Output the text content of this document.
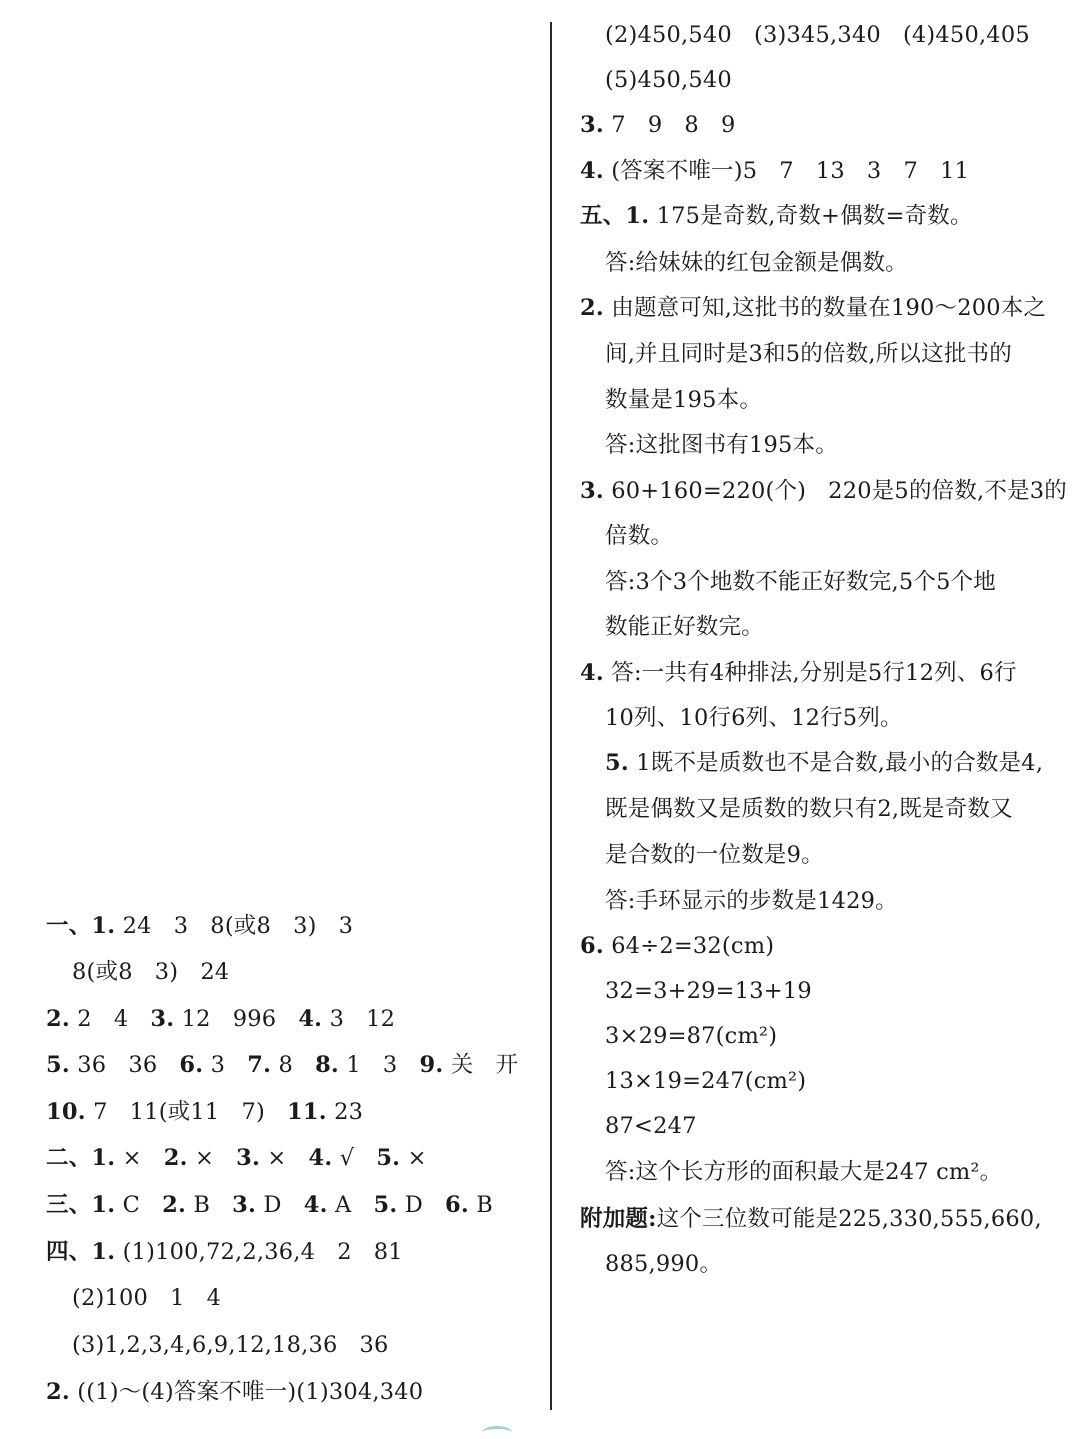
一、1. 24   3   8(或8   3)   3
8(或8   3)   24
2. 2   4   3. 12   996   4. 3   12
5. 36   36   6. 3   7. 8   8. 1   3   9. 关   开
10. 7   11(或11   7)   11. 23
二、1. ×   2. ×   3. ×   4. √   5. ×
三、1. C   2. B   3. D   4. A   5. D   6. B
四、1. (1)100,72,2,36,4   2   81
(2)100   1   4
(3)1,2,3,4,6,9,12,18,36   36
2. ((1)～(4)答案不唯一)(1)304,340
(2)450,540   (3)345,340   (4)450,405
(5)450,540
3. 7   9   8   9
4. (答案不唯一)5   7   13   3   7   11
五、1. 175是奇数,奇数+偶数=奇数。
答:给妹妹的红包金额是偶数。
2. 由题意可知,这批书的数量在190～200本之
间,并且同时是3和5的倍数,所以这批书的
数量是195本。
答:这批图书有195本。
3. 60+160=220(个)   220是5的倍数,不是3的
倍数。
答:3个3个地数不能正好数完,5个5个地
数能正好数完。
4. 答:一共有4种排法,分别是5行12列、6行
10列、10行6列、12行5列。
5. 1既不是质数也不是合数,最小的合数是4,
既是偶数又是质数的数只有2,既是奇数又
是合数的一位数是9。
答:手环显示的步数是1429。
6. 64÷2=32(cm)
32=3+29=13+19
3×29=87(cm²)
13×19=247(cm²)
87<247
答:这个长方形的面积最大是247 cm²。
附加题:这个三位数可能是225,330,555,660,
885,990。
